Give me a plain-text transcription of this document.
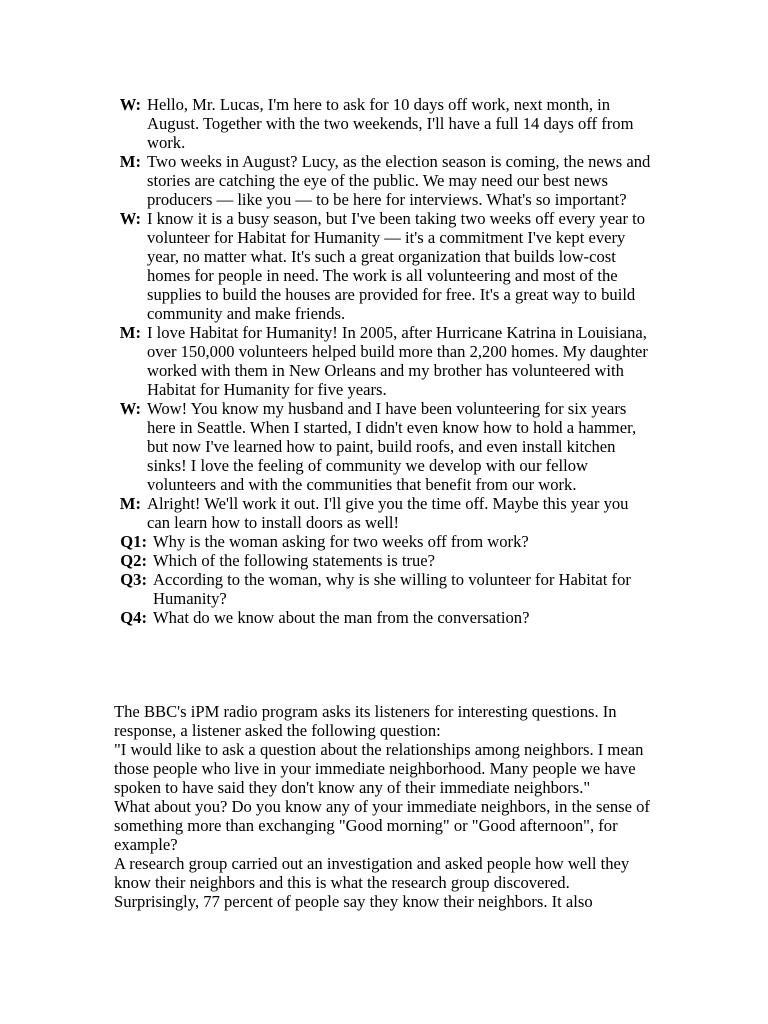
W: Hello, Mr. Lucas, I'm here to ask for 10 days off work, next month, in August. Together with the two weekends, I'll have a full 14 days off from work.
M: Two weeks in August? Lucy, as the election season is coming, the news and stories are catching the eye of the public. We may need our best news producers — like you — to be here for interviews. What's so important?
W: I know it is a busy season, but I've been taking two weeks off every year to volunteer for Habitat for Humanity — it's a commitment I've kept every year, no matter what. It's such a great organization that builds low-cost homes for people in need. The work is all volunteering and most of the supplies to build the houses are provided for free. It's a great way to build community and make friends.
M: I love Habitat for Humanity! In 2005, after Hurricane Katrina in Louisiana, over 150,000 volunteers helped build more than 2,200 homes. My daughter worked with them in New Orleans and my brother has volunteered with Habitat for Humanity for five years.
W: Wow! You know my husband and I have been volunteering for six years here in Seattle. When I started, I didn't even know how to hold a hammer, but now I've learned how to paint, build roofs, and even install kitchen sinks! I love the feeling of community we develop with our fellow volunteers and with the communities that benefit from our work.
M: Alright! We'll work it out. I'll give you the time off. Maybe this year you can learn how to install doors as well!
Q1: Why is the woman asking for two weeks off from work?
Q2: Which of the following statements is true?
Q3: According to the woman, why is she willing to volunteer for Habitat for Humanity?
Q4: What do we know about the man from the conversation?

The BBC's iPM radio program asks its listeners for interesting questions. In response, a listener asked the following question:

"I would like to ask a question about the relationships among neighbors. I mean those people who live in your immediate neighborhood. Many people we have spoken to have said they don't know any of their immediate neighbors."

What about you? Do you know any of your immediate neighbors, in the sense of something more than exchanging "Good morning" or "Good afternoon", for example?

A research group carried out an investigation and asked people how well they know their neighbors and this is what the research group discovered. Surprisingly, 77 percent of people say they know their neighbors. It also
